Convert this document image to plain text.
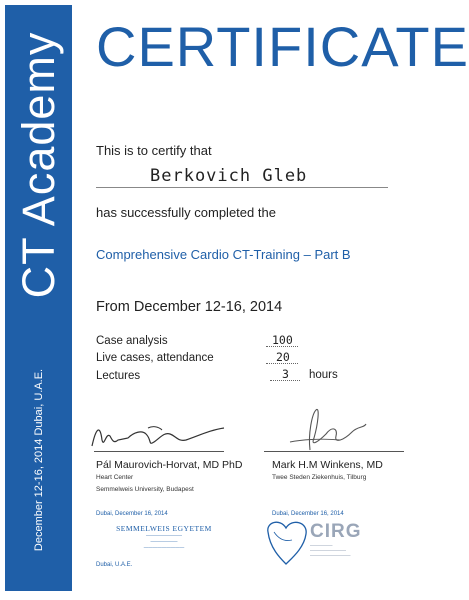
CT Academy
December 12-16, 2014 Dubai, U.A.E.
CERTIFICATE
This is to certify that
Berkovich Gleb
has successfully completed the
Comprehensive Cardio CT-Training – Part B
From December 12-16, 2014
Case analysis	100
Live cases, attendance	20
Lectures	3 hours
Pál Maurovich-Horvat, MD PhD
Heart Center
Semmelweis University, Budapest
Dubai, December 16, 2014
SEMMELWEIS EGYETEM
————————
——————
—————————
Dubai, U.A.E.
Mark H.M Winkens, MD
Twee Steden Ziekenhuis, Tilburg
Dubai, December 16, 2014
CIRG
—————
————————
—————————
